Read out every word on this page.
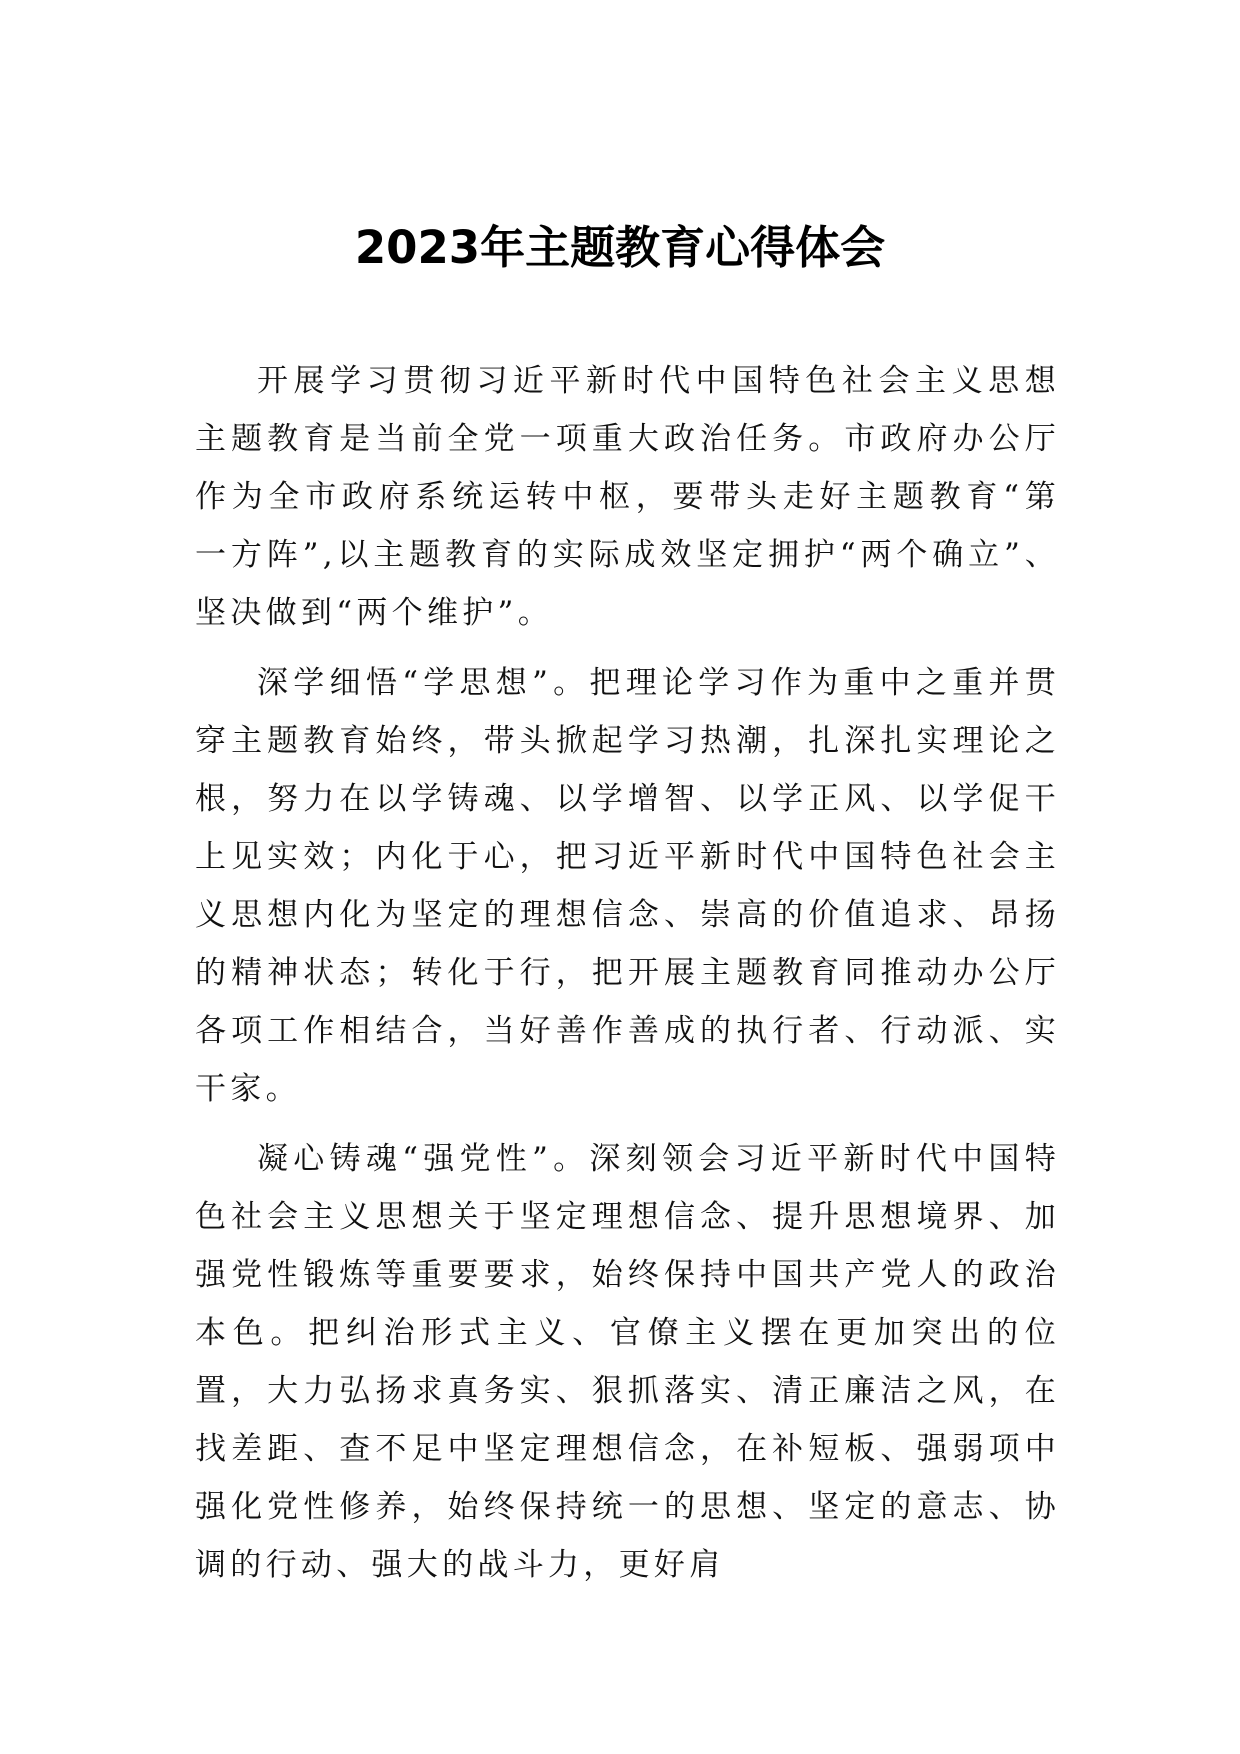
2023年主题教育心得体会

开展学习贯彻习近平新时代中国特色社会主义思想主题教育是当前全党一项重大政治任务。市政府办公厅作为全市政府系统运转中枢，要带头走好主题教育“第一方阵”,以主题教育的实际成效坚定拥护“两个确立”、坚决做到“两个维护”。

深学细悟“学思想”。把理论学习作为重中之重并贯穿主题教育始终，带头掀起学习热潮，扎深扎实理论之根，努力在以学铸魂、以学增智、以学正风、以学促干上见实效；内化于心，把习近平新时代中国特色社会主义思想内化为坚定的理想信念、崇高的价值追求、昂扬的精神状态；转化于行，把开展主题教育同推动办公厅各项工作相结合，当好善作善成的执行者、行动派、实干家。

凝心铸魂“强党性”。深刻领会习近平新时代中国特色社会主义思想关于坚定理想信念、提升思想境界、加强党性锻炼等重要要求，始终保持中国共产党人的政治本色。把纠治形式主义、官僚主义摆在更加突出的位置，大力弘扬求真务实、狠抓落实、清正廉洁之风，在找差距、查不足中坚定理想信念，在补短板、强弱项中强化党性修养，始终保持统一的思想、坚定的意志、协调的行动、强大的战斗力，更好肩
